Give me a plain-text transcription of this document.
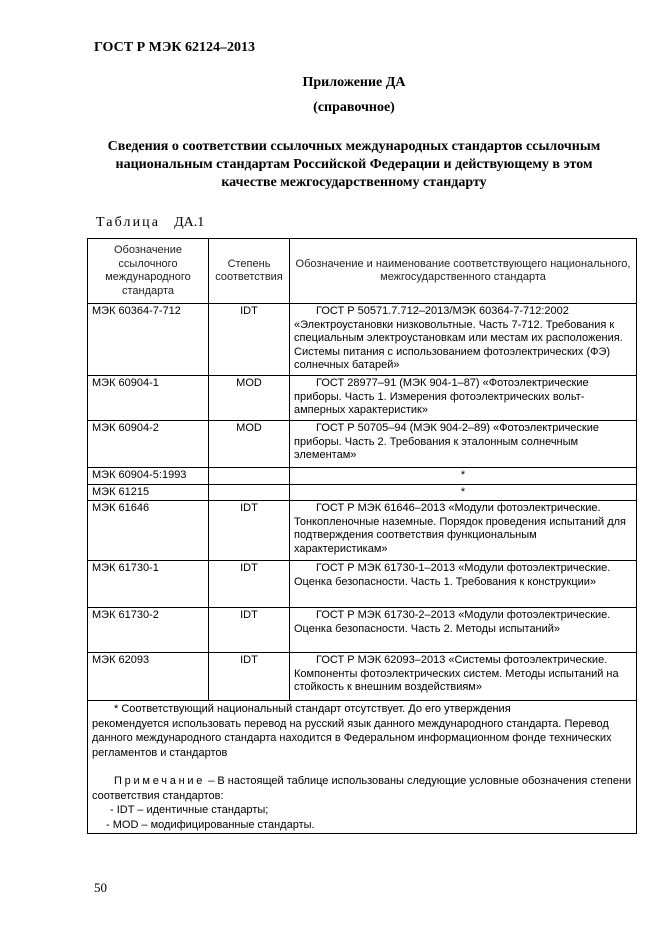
ГОСТ Р МЭК 62124–2013
Приложение ДА
(справочное)
Сведения о соответствии ссылочных международных стандартов ссылочным национальным стандартам Российской Федерации и действующему в этом качестве межгосударственному стандарту
Таблица ДА.1
Обозначение ссылочного международного стандарта	Степень соответствия	Обозначение и наименование соответствующего национального, межгосударственного стандарта
МЭК 60364-7-712	IDT	ГОСТ Р 50571.7.712–2013/МЭК 60364-7-712:2002 «Электроустановки низковольтные. Часть 7-712. Требования к специальным электроустановкам или местам их расположения. Системы питания с использованием фотоэлектрических (ФЭ) солнечных батарей»

МЭК 60904-1	MOD	ГОСТ 28977–91 (МЭК 904-1–87) «Фотоэлектрические приборы. Часть 1. Измерения фотоэлектрических вольт-амперных характеристик»

МЭК 60904-2	MOD	ГОСТ Р 50705–94 (МЭК 904-2–89) «Фотоэлектрические приборы. Часть 2. Требования к эталонным солнечным элементам»

МЭК 60904-5:1993		*
МЭК 61215		*
МЭК 61646	IDT	ГОСТ Р МЭК 61646–2013 «Модули фотоэлектрические. Тонкопленочные наземные. Порядок проведения испытаний для подтверждения соответствия функциональным характеристикам»

МЭК 61730-1	IDT	ГОСТ Р МЭК 61730-1–2013 «Модули фотоэлектрические. Оценка безопасности. Часть 1. Требования к конструкции»

МЭК 61730-2	IDT	ГОСТ Р МЭК 61730-2–2013 «Модули фотоэлектрические. Оценка безопасности. Часть 2. Методы испытаний»

МЭК 62093	IDT	ГОСТ Р МЭК 62093–2013 «Системы фотоэлектрические. Компоненты фотоэлектрических систем. Методы испытаний на стойкость к внешним воздействиям»

* Соответствующий национальный стандарт отсутствует. До его утверждения

рекомендуется использовать перевод на русский язык данного международного стандарта. Перевод данного международного стандарта находится в Федеральном информационном фонде технических регламентов и стандартов

Примечание – В настоящей таблице использованы следующие условные обозначения степени соответствия стандартов:

- IDT – идентичные стандарты;

- MOD – модифицированные стандарты.		

50
